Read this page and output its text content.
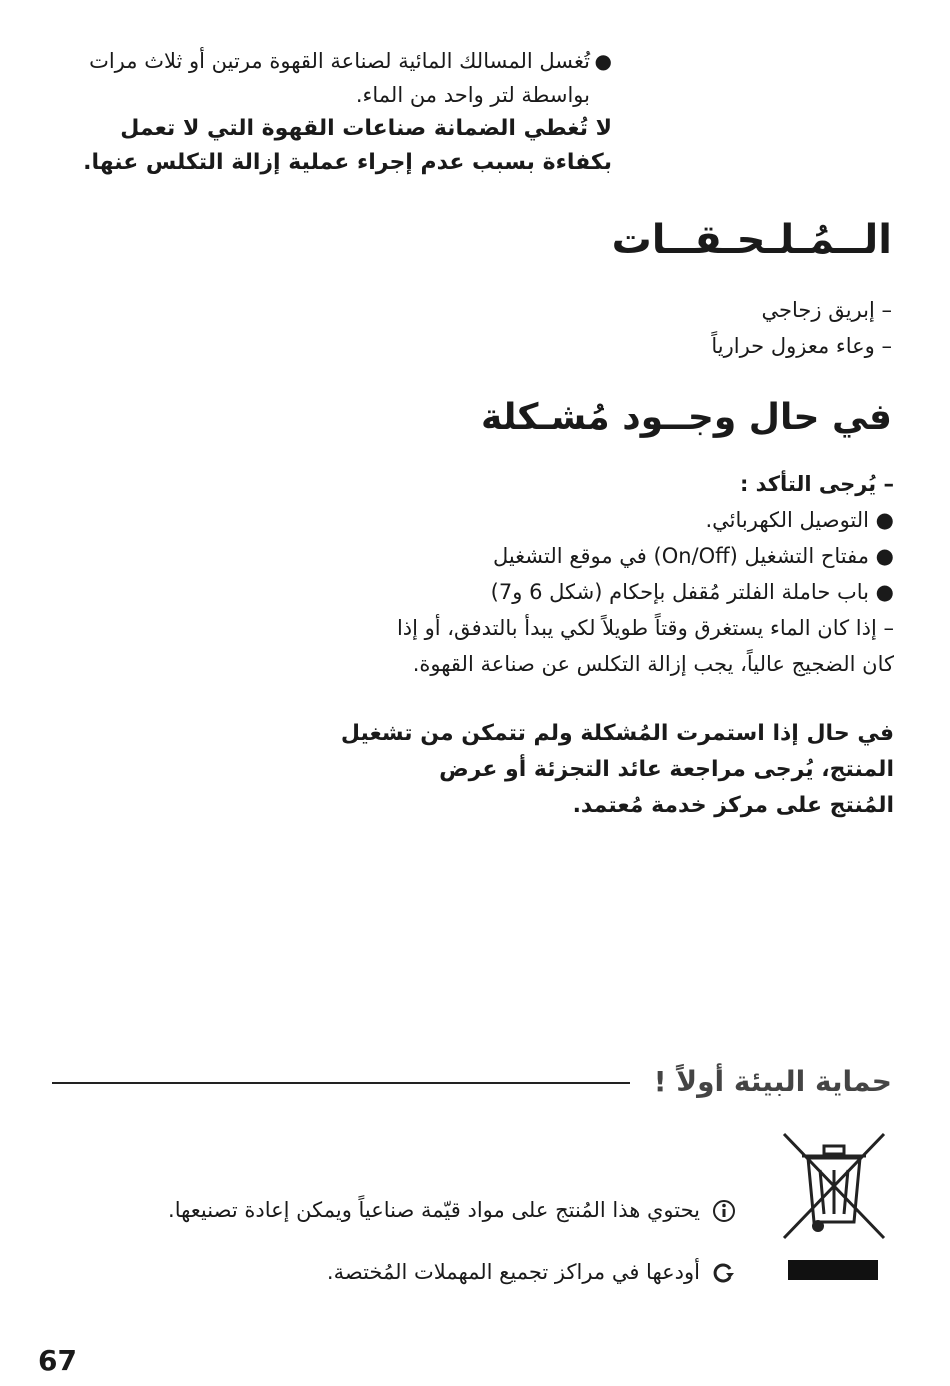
●
تُغسل المسالك المائية لصناعة القهوة مرتين أو ثلاث مرات
بواسطة لتر واحد من الماء.
لا تُغطي الضمانة صناعات القهوة التي لا تعمل
بكفاءة بسبب عدم إجراء عملية إزالة التكلس عنها.
الــمُـلـحـقــات
– إبريق زجاجي
– وعاء معزول حرارياً
في حال وجــود مُشـكلة
– يُرجى التأكد :
● التوصيل الكهربائي.
● مفتاح التشغيل (On/Off) في موقع التشغيل
● باب حاملة الفلتر مُقفل بإحكام (شكل 6 و7)
– إذا كان الماء يستغرق وقتاً طويلاً لكي يبدأ بالتدفق، أو إذا
كان الضجيج عالياً، يجب إزالة التكلس عن صناعة القهوة.
في حال إذا استمرت المُشكلة ولم تتمكن من تشغيل
المنتج، يُرجى مراجعة عائد التجزئة أو عرض
المُنتج على مركز خدمة مُعتمد.
حماية البيئة أولاً !
يحتوي هذا المُنتج على مواد قيّمة صناعياً ويمكن إعادة تصنيعها.
أودعها في مراكز تجميع المهملات المُختصة.
67
